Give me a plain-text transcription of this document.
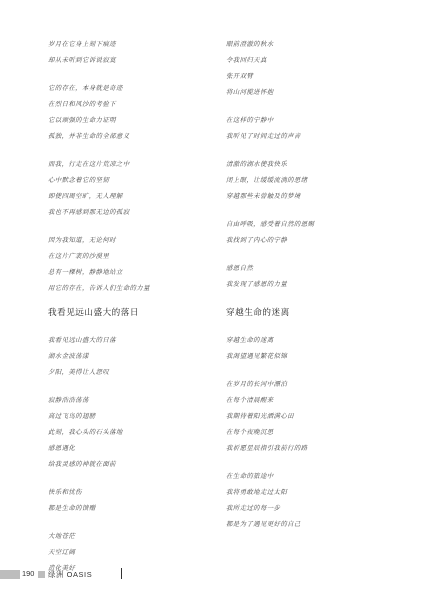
岁月在它身上刻下痕迹
却从未听到它诉说寂寞
它的存在，本身就是奇迹
在烈日和风沙的考验下
它以顽强的生命力证明
孤独，并非生命的全部意义
而我，行走在这片荒凉之中
心中默念着它的坚韧
即使四周空旷，无人理解
我也不再感到那无边的孤寂
因为我知道，无论何时
在这片广袤的沙漠里
总有一棵树，静静地站立
用它的存在，告诉人们生命的力量
我看见远山盛大的落日
我看见远山盛大的日落
湖水金波荡漾
夕阳，美得让人怨叹
寂静浩浩荡荡
高过飞鸟的翅膀
此刻，我心头的石头落地
感恩遇化
给我灵感的神就在面前
快乐和忧伤
都是生命的馈赠
大地苍茫
天空辽阔
造化美好
眼前澄澈的秋水
令我回归天真
张开双臂
将山河揽进怀抱
在这样的宁静中
我听见了时间走过的声音
清澈的湖水使我快乐
闭上眼，让缓缓流淌的思绪
穿越那些未曾触及的梦境
自由呼吸，感受着自然的恩赐
我找到了内心的宁静
感恩自然
我发现了感恩的力量
穿越生命的迷离
穿越生命的迷离
我渴望遇见繁花似锦
在岁月的长河中漂泊
在每个清晨醒来
我期待着阳光洒满心田
在每个夜晚沉思
我祈愿星辰指引我前行的路
在生命的旅途中
我将勇敢地走过太阳
我所走过的每一步
都是为了遇见更好的自己
190 绿洲 OASIS
